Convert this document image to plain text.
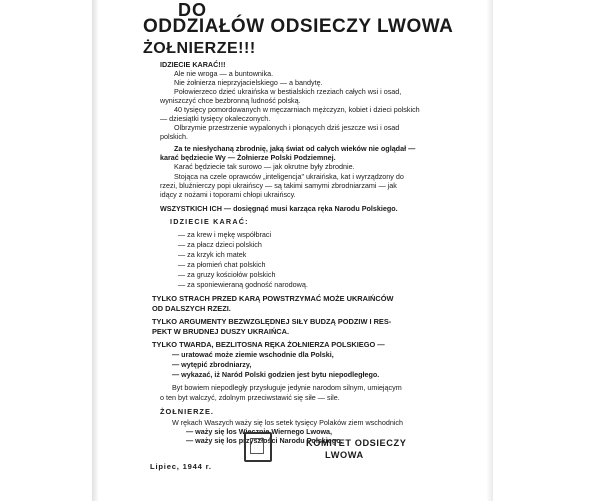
DO
ODDZIAŁÓW ODSIECZY LWOWA
ŻOŁNIERZE!!!
IDZIECIE KARAĆ!!!
Ale nie wroga — a buntownika.
Nie żołnierza nieprzyjacielskiego — a bandytę.
Połowierzeco dzieć ukraińska w bestialskich rzeziach całych wsi i osad,
wyniszczyć chce bezbronną ludność polską.
40 tysięcy pomordowanych w męczarniach mężczyzn, kobiet i dzieci polskich
— dziesiątki tysięcy okaleczonych.
Olbrzymie przestrzenie wypalonych i płonących dziś jeszcze wsi i osad
polskich.
Za te niesłychaną zbrodnię, jaką świat od całych wieków nie oglądał —
karać będziecie Wy — Żołnierze Polski Podziemnej.
Karać będziecie tak surowo — jak okrutne były zbrodnie.
Stojąca na czele oprawców „inteligencja" ukraińska, kat i wyrządzony do
rzezi, bluźnierczy popi ukraińscy — są takimi samymi zbrodniarzami — jak
idący z nożami i toporami chłopi ukraińscy.
WSZYSTKICH ICH — dosięgnąć musi karząca ręka Narodu Polskiego.
IDZIECIE KARAĆ:
— za krew i mękę współbraci
— za płacz dzieci polskich
— za krzyk ich matek
— za płomień chat polskich
— za gruzy kościołów polskich
— za sponiewieraną godność narodową.
TYLKO STRACH PRZED KARĄ POWSTRZYMAĆ MOŻE UKRAIŃCÓW
OD DALSZYCH RZEZI.
TYLKO ARGUMENTY BEZWZGLĘDNEJ SIŁY BUDZĄ PODZIW I RES-
PEKT W BRUDNEJ DUSZY UKRAIŃCA.
TYLKO TWARDA, BEZLITOSNA RĘKA ŻOŁNIERZA POLSKIEGO —
— uratować może ziemie wschodnie dla Polski,
— wytępić zbrodniarzy,
— wykazać, iż Naród Polski godzien jest bytu niepodległego.
Byt bowiem niepodległy przysługuje jedynie narodom silnym, umiejącym
o ten byt walczyć, zdolnym przeciwstawić się siłe — sile.
ŻOŁNIERZE.
W rękach Waszych waży się los setek tysięcy Polaków ziem wschodnich
— waży się los Wiecznie Wiernego Lwowa,
— waży się los przyszłości Narodu Polskiego.
KOMITET ODSIECZY
LWOWA
Lipiec, 1944 r.
